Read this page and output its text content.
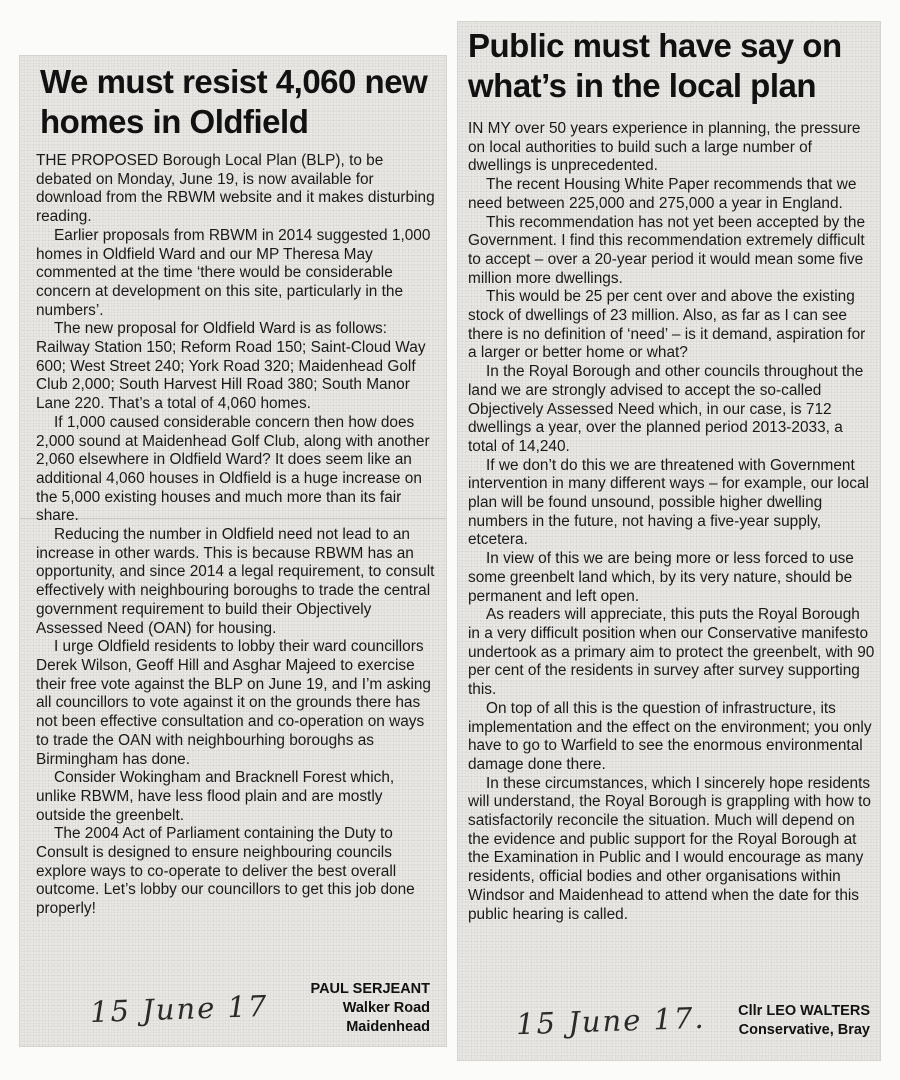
We must resist 4,060 new homes in Oldfield

THE PROPOSED Borough Local Plan (BLP), to be debated on Monday, June 19, is now available for download from the RBWM website and it makes disturbing reading.

Earlier proposals from RBWM in 2014 suggested 1,000 homes in Oldfield Ward and our MP Theresa May commented at the time ‘there would be considerable concern at development on this site, particularly in the numbers’.

The new proposal for Oldfield Ward is as follows: Railway Station 150; Reform Road 150; Saint-Cloud Way 600; West Street 240; York Road 320; Maidenhead Golf Club 2,000; South Harvest Hill Road 380; South Manor Lane 220. That’s a total of 4,060 homes.

If 1,000 caused considerable concern then how does 2,000 sound at Maidenhead Golf Club, along with another 2,060 elsewhere in Oldfield Ward? It does seem like an additional 4,060 houses in Oldfield is a huge increase on the 5,000 existing houses and much more than its fair share.

Reducing the number in Oldfield need not lead to an increase in other wards. This is because RBWM has an opportunity, and since 2014 a legal requirement, to consult effectively with neighbouring boroughs to trade the central government requirement to build their Objectively Assessed Need (OAN) for housing.

I urge Oldfield residents to lobby their ward councillors Derek Wilson, Geoff Hill and Asghar Majeed to exercise their free vote against the BLP on June 19, and I’m asking all councillors to vote against it on the grounds there has not been effective consultation and co-operation on ways to trade the OAN with neighbourhing boroughs as Birmingham has done.

Consider Wokingham and Bracknell Forest which, unlike RBWM, have less flood plain and are mostly outside the greenbelt.

The 2004 Act of Parliament containing the Duty to Consult is designed to ensure neighbouring councils explore ways to co-operate to deliver the best overall outcome. Let’s lobby our councillors to get this job done properly!

15 June 17	PAUL SERJEANT
Walker Road
Maidenhead
Public must have say on what’s in the local plan

IN MY over 50 years experience in planning, the pressure on local authorities to build such a large number of dwellings is unprecedented.

The recent Housing White Paper recommends that we need between 225,000 and 275,000 a year in England.

This recommendation has not yet been accepted by the Government. I find this recommendation extremely difficult to accept – over a 20-year period it would mean some five million more dwellings.

This would be 25 per cent over and above the existing stock of dwellings of 23 million. Also, as far as I can see there is no definition of ‘need’ – is it demand, aspiration for a larger or better home or what?

In the Royal Borough and other councils throughout the land we are strongly advised to accept the so-called Objectively Assessed Need which, in our case, is 712 dwellings a year, over the planned period 2013-2033, a total of 14,240.

If we don’t do this we are threatened with Government intervention in many different ways – for example, our local plan will be found unsound, possible higher dwelling numbers in the future, not having a five-year supply, etcetera.

In view of this we are being more or less forced to use some greenbelt land which, by its very nature, should be permanent and left open.

As readers will appreciate, this puts the Royal Borough in a very difficult position when our Conservative manifesto undertook as a primary aim to protect the greenbelt, with 90 per cent of the residents in survey after survey supporting this.

On top of all this is the question of infrastructure, its implementation and the effect on the environment; you only have to go to Warfield to see the enormous environmental damage done there.

In these circumstances, which I sincerely hope residents will understand, the Royal Borough is grappling with how to satisfactorily reconcile the situation. Much will depend on the evidence and public support for the Royal Borough at the Examination in Public and I would encourage as many residents, official bodies and other organisations within Windsor and Maidenhead to attend when the date for this public hearing is called.

15 June 17. Cllr LEO WALTERS
Conservative, Bray
